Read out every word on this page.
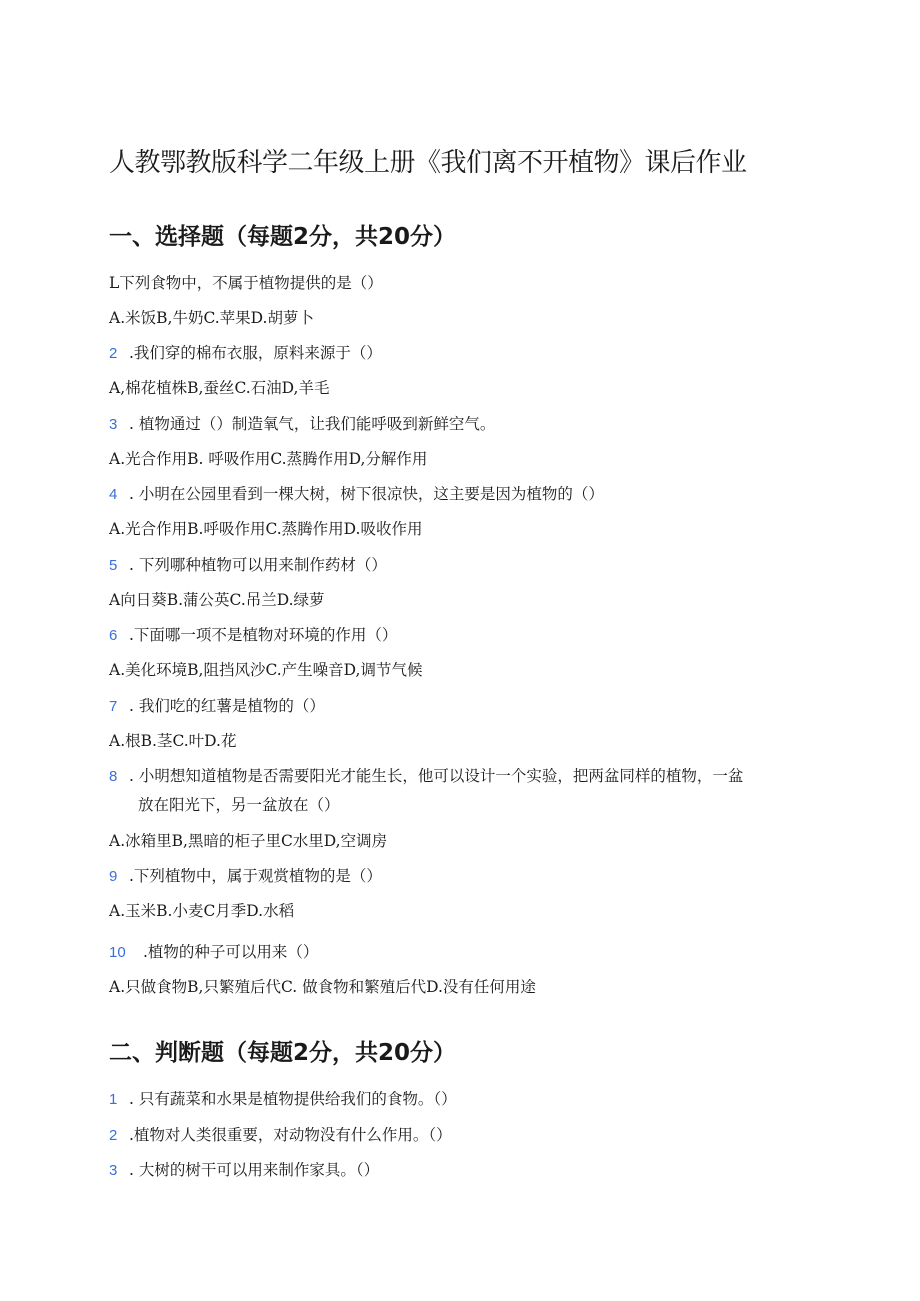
人教鄂教版科学二年级上册《我们离不开植物》课后作业
一、选择题（每题2分，共20分）
L下列食物中，不属于植物提供的是（）
A.米饭B,牛奶C.苹果D.胡萝卜
2 .我们穿的棉布衣服，原料来源于（）
A,棉花植株B,蚕丝C.石油D,羊毛
3 . 植物通过（）制造氧气，让我们能呼吸到新鲜空气。
A.光合作用B. 呼吸作用C.蒸腾作用D,分解作用
4 . 小明在公园里看到一棵大树，树下很凉快，这主要是因为植物的（）
A.光合作用B.呼吸作用C.蒸腾作用D.吸收作用
5 . 下列哪种植物可以用来制作药材（）
A向日葵B.蒲公英C.吊兰D.绿萝
6 .下面哪一项不是植物对环境的作用（）
A.美化环境B,阻挡风沙C.产生噪音D,调节气候
7 . 我们吃的红薯是植物的（）
A.根B.茎C.叶D.花
8 . 小明想知道植物是否需要阳光才能生长，他可以设计一个实验，把两盆同样的植物，一盆
放在阳光下，另一盆放在（）
A.冰箱里B,黑暗的柜子里C水里D,空调房
9 .下列植物中，属于观赏植物的是（）
A.玉米B.小麦C月季D.水稻
10 .植物的种子可以用来（）
A.只做食物B,只繁殖后代C. 做食物和繁殖后代D.没有任何用途
二、判断题（每题2分，共20分）
1 . 只有蔬菜和水果是植物提供给我们的食物。（）
2 .植物对人类很重要，对动物没有什么作用。（）
3 . 大树的树干可以用来制作家具。（）
